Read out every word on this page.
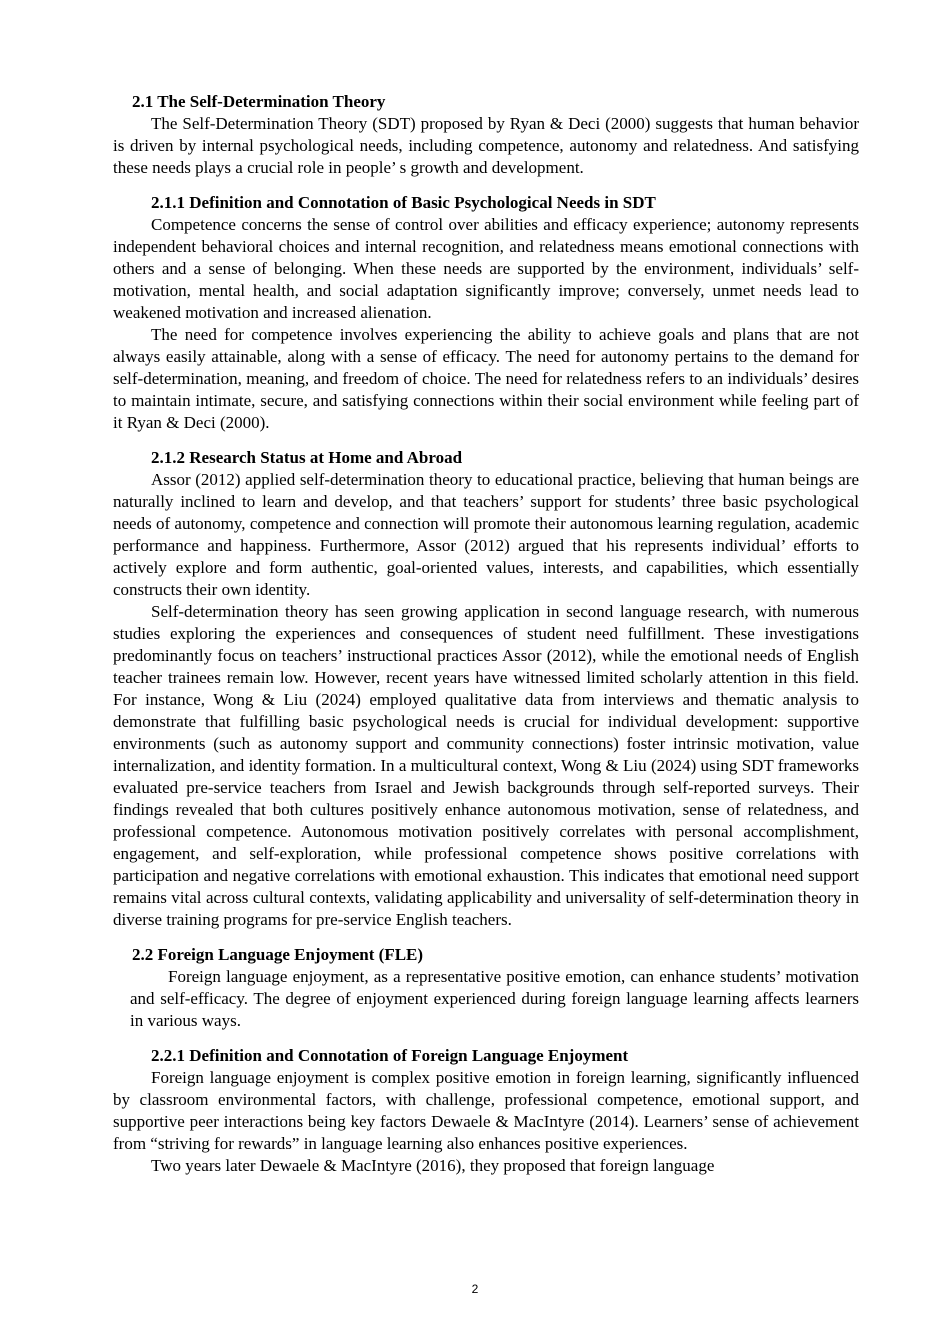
2.1 The Self-Determination Theory

The Self-Determination Theory (SDT) proposed by Ryan & Deci (2000) suggests that human behavior is driven by internal psychological needs, including competence, autonomy and relatedness. And satisfying these needs plays a crucial role in people’ s growth and development.

2.1.1 Definition and Connotation of Basic Psychological Needs in SDT

Competence concerns the sense of control over abilities and efficacy experience; autonomy represents independent behavioral choices and internal recognition, and relatedness means emotional connections with others and a sense of belonging. When these needs are supported by the environment, individuals’ self-motivation, mental health, and social adaptation significantly improve; conversely, unmet needs lead to weakened motivation and increased alienation.

The need for competence involves experiencing the ability to achieve goals and plans that are not always easily attainable, along with a sense of efficacy. The need for autonomy pertains to the demand for self-determination, meaning, and freedom of choice. The need for relatedness refers to an individuals’ desires to maintain intimate, secure, and satisfying connections within their social environment while feeling part of it Ryan & Deci (2000).

2.1.2 Research Status at Home and Abroad

Assor (2012) applied self-determination theory to educational practice, believing that human beings are naturally inclined to learn and develop, and that teachers’ support for students’ three basic psychological needs of autonomy, competence and connection will promote their autonomous learning regulation, academic performance and happiness. Furthermore, Assor (2012) argued that his represents individual’ efforts to actively explore and form authentic, goal-oriented values, interests, and capabilities, which essentially constructs their own identity.

Self-determination theory has seen growing application in second language research, with numerous studies exploring the experiences and consequences of student need fulfillment. These investigations predominantly focus on teachers’ instructional practices Assor (2012), while the emotional needs of English teacher trainees remain low. However, recent years have witnessed limited scholarly attention in this field. For instance, Wong & Liu (2024) employed qualitative data from interviews and thematic analysis to demonstrate that fulfilling basic psychological needs is crucial for individual development: supportive environments (such as autonomy support and community connections) foster intrinsic motivation, value internalization, and identity formation. In a multicultural context, Wong & Liu (2024) using SDT frameworks evaluated pre-service teachers from Israel and Jewish backgrounds through self-reported surveys. Their findings revealed that both cultures positively enhance autonomous motivation, sense of relatedness, and professional competence. Autonomous motivation positively correlates with personal accomplishment, engagement, and self-exploration, while professional competence shows positive correlations with participation and negative correlations with emotional exhaustion. This indicates that emotional need support remains vital across cultural contexts, validating applicability and universality of self-determination theory in diverse training programs for pre-service English teachers.

2.2 Foreign Language Enjoyment (FLE)

Foreign language enjoyment, as a representative positive emotion, can enhance students’ motivation and self-efficacy. The degree of enjoyment experienced during foreign language learning affects learners in various ways.

2.2.1 Definition and Connotation of Foreign Language Enjoyment

Foreign language enjoyment is complex positive emotion in foreign learning, significantly influenced by classroom environmental factors, with challenge, professional competence, emotional support, and supportive peer interactions being key factors Dewaele & MacIntyre (2014). Learners’ sense of achievement from “striving for rewards” in language learning also enhances positive experiences.

Two years later Dewaele & MacIntyre (2016), they proposed that foreign language

2
